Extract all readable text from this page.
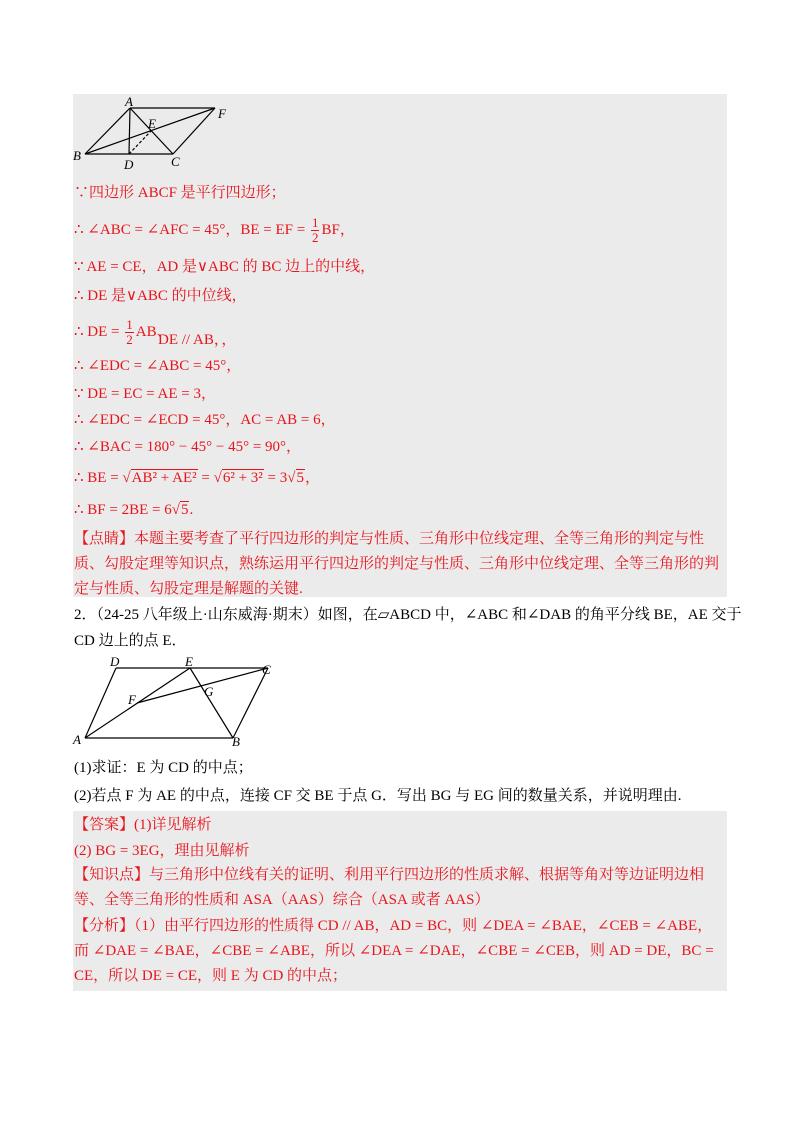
A
F
E
B
D	C
∵四边形 ABCF 是平行四边形；
∴ ∠ABC = ∠AFC = 45°，BE = EF = $\frac{1}{2}$ BF，
∵ AE = CE，AD 是∨ABC 的 BC 边上的中线，
∴ DE 是∨ABC 的中位线，
∴ DE = $\frac{1}{2}$ AB、
DE // AB，，
∴ ∠EDC = ∠ABC = 45°，
∵ DE = EC = AE = 3，
∴ ∠EDC = ∠ECD = 45°，AC = AB = 6，
∴ ∠BAC = 180° − 45° − 45° = 90°，
∴ BE = √AB² + AE² = √6² + 3² = 3√5，
∴ BF = 2BE = 6√5.
【点睛】本题主要考查了平行四边形的判定与性质、三角形中位线定理、全等三角形的判定与性质、勾股定理等知识点，熟练运用平行四边形的判定与性质、三角形中位线定理、全等三角形的判定与性质、勾股定理是解题的关键.
2．（24-25 八年级上·山东威海·期末）如图，在▱ABCD 中，∠ABC 和∠DAB 的角平分线 BE，AE 交于
CD 边上的点 E．
D	E
C
F
G
A	B
(1)求证：E 为 CD 的中点；
(2)若点 F 为 AE 的中点，连接 CF 交 BE 于点 G．写出 BG 与 EG 间的数量关系，并说明理由.
【答案】(1)详见解析
(2) BG = 3EG，理由见解析
【知识点】与三角形中位线有关的证明、利用平行四边形的性质求解、根据等角对等边证明边相等、全等三角形的性质和 ASA（AAS）综合（ASA 或者 AAS）
【分析】（1）由平行四边形的性质得 CD // AB，AD = BC，则 ∠DEA = ∠BAE，∠CEB = ∠ABE，而 ∠DAE = ∠BAE，∠CBE = ∠ABE，所以 ∠DEA = ∠DAE，∠CBE = ∠CEB，则 AD = DE，BC = CE，所以 DE = CE，则 E 为 CD 的中点；
